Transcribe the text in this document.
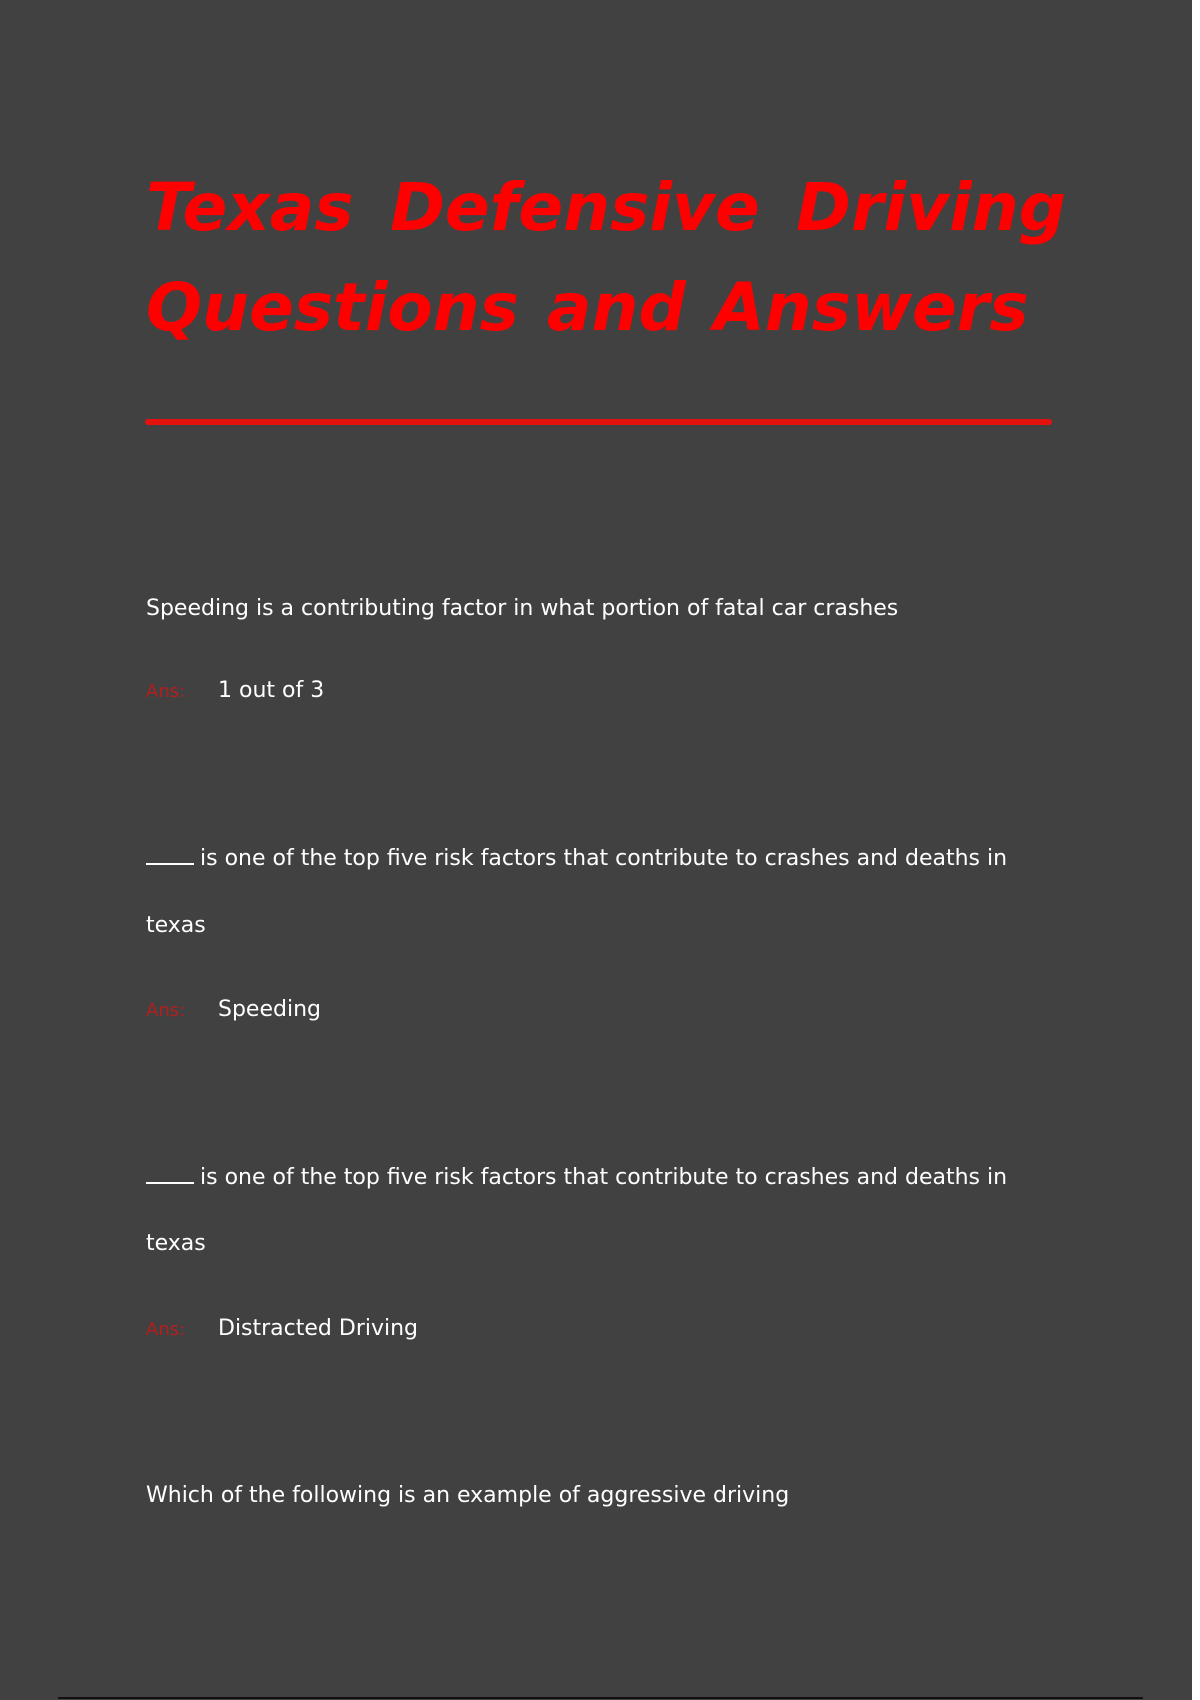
Texas Defensive Driving
Questions and Answers

Speeding is a contributing factor in what portion of fatal car crashes

Ans: 1 out of 3

is one of the top five risk factors that contribute to crashes and deaths in

texas

Ans: Speeding

is one of the top five risk factors that contribute to crashes and deaths in

texas

Ans: Distracted Driving

Which of the following is an example of aggressive driving
